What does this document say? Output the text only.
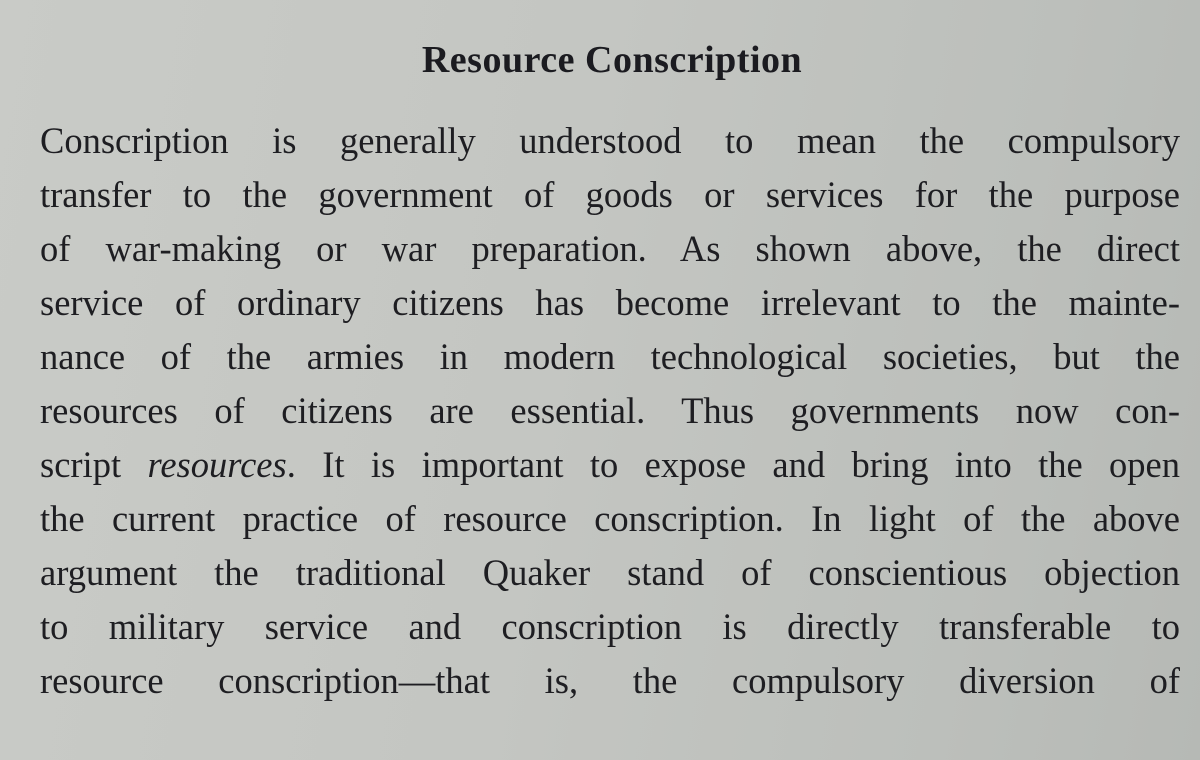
Resource Conscription
Conscription is generally understood to mean the compulsory
transfer to the government of goods or services for the purpose
of war-making or war preparation. As shown above, the direct
service of ordinary citizens has become irrelevant to the mainte-
nance of the armies in modern technological societies, but the
resources of citizens are essential. Thus governments now con-
script resources. It is important to expose and bring into the open
the current practice of resource conscription. In light of the above
argument the traditional Quaker stand of conscientious objection
to military service and conscription is directly transferable to
resource conscription—that is, the compulsory diversion of
